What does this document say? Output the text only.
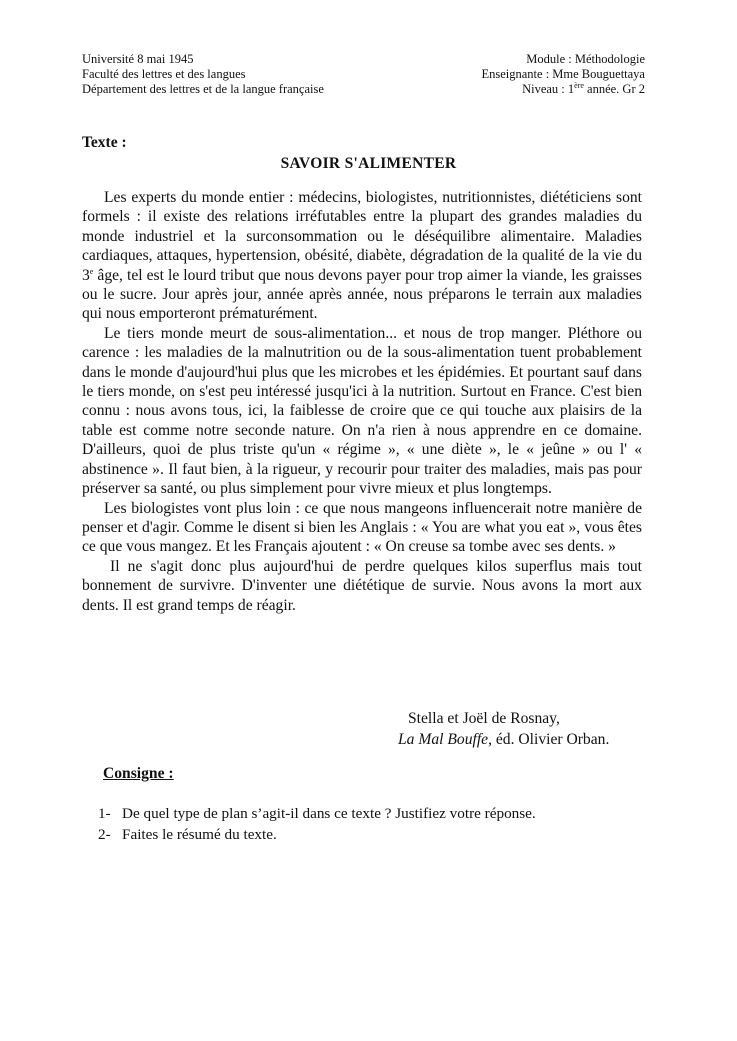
Université 8 mai 1945
Faculté des lettres et des langues
Département des lettres et de la langue française
Module : Méthodologie
Enseignante : Mme Bouguettaya
Niveau : 1ère année. Gr 2
Texte :
SAVOIR S'ALIMENTER

Les experts du monde entier : médecins, biologistes, nutritionnistes, diététiciens sont formels : il existe des relations irréfutables entre la plupart des grandes maladies du monde industriel et la surconsommation ou le déséquilibre alimentaire. Maladies cardiaques, attaques, hypertension, obésité, diabète, dégradation de la qualité de la vie du 3e âge, tel est le lourd tribut que nous devons payer pour trop aimer la viande, les graisses ou le sucre. Jour après jour, année après année, nous préparons le terrain aux maladies qui nous emporteront prématurément.

Le tiers monde meurt de sous-alimentation... et nous de trop manger. Pléthore ou carence : les maladies de la malnutrition ou de la sous-alimentation tuent probablement dans le monde d'aujourd'hui plus que les microbes et les épidémies. Et pourtant sauf dans le tiers monde, on s'est peu intéressé jusqu'ici à la nutrition. Surtout en France. C'est bien connu : nous avons tous, ici, la faiblesse de croire que ce qui touche aux plaisirs de la table est comme notre seconde nature. On n'a rien à nous apprendre en ce domaine. D'ailleurs, quoi de plus triste qu'un « régime », « une diète », le « jeûne » ou l' « abstinence ». Il faut bien, à la rigueur, y recourir pour traiter des maladies, mais pas pour préserver sa santé, ou plus simplement pour vivre mieux et plus longtemps.

Les biologistes vont plus loin : ce que nous mangeons influencerait notre manière de penser et d'agir. Comme le disent si bien les Anglais : « You are what you eat », vous êtes ce que vous mangez. Et les Français ajoutent : « On creuse sa tombe avec ses dents. »

Il ne s'agit donc plus aujourd'hui de perdre quelques kilos superflus mais tout bonnement de survivre. D'inventer une diététique de survie. Nous avons la mort aux dents. Il est grand temps de réagir.

Stella et Joël de Rosnay,
La Mal Bouffe, éd. Olivier Orban.
Consigne :
1- De quel type de plan s’agit-il dans ce texte ? Justifiez votre réponse.
2- Faites le résumé du texte.
